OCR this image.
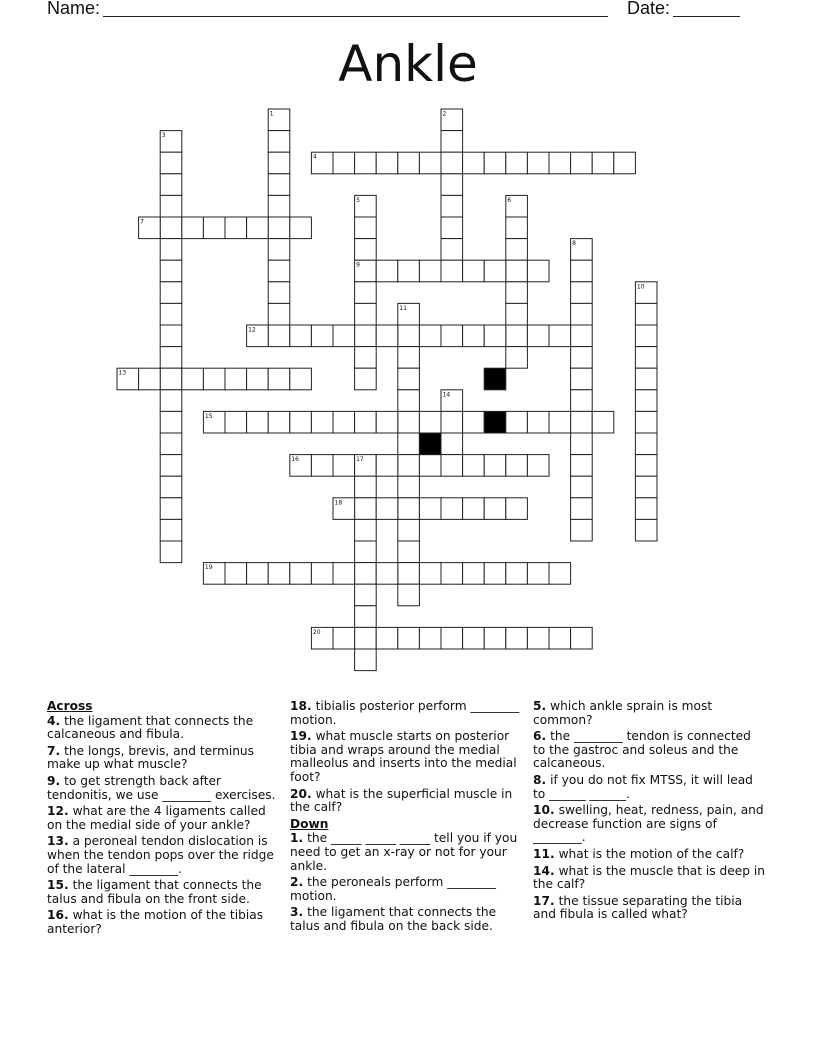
Name:	Date:
Ankle
1	2
3
4
5	6
7
8
9
10
11
12
13
14
15
16	17
18
19
20
Across
4. the ligament that connects the calcaneous and fibula.
7. the longs, brevis, and terminus make up what muscle?
9. to get strength back after tendonitis, we use ________ exercises.
12. what are the 4 ligaments called on the medial side of your ankle?
13. a peroneal tendon dislocation is when the tendon pops over the ridge of the lateral ________.
15. the ligament that connects the talus and fibula on the front side.
16. what is the motion of the tibias anterior?
18. tibialis posterior perform ________ motion.
19. what muscle starts on posterior tibia and wraps around the medial malleolus and inserts into the medial foot?
20. what is the superficial muscle in the calf?
Down
1. the _____ _____ _____ tell you if you need to get an x-ray or not for your ankle.
2. the peroneals perform ________ motion.
3. the ligament that connects the talus and fibula on the back side.
5. which ankle sprain is most common?
6. the ________ tendon is connected to the gastroc and soleus and the calcaneous.
8. if you do not fix MTSS, it will lead to ______ ______.
10. swelling, heat, redness, pain, and decrease function are signs of ________.
11. what is the motion of the calf?
14. what is the muscle that is deep in the calf?
17. the tissue separating the tibia and fibula is called what?
